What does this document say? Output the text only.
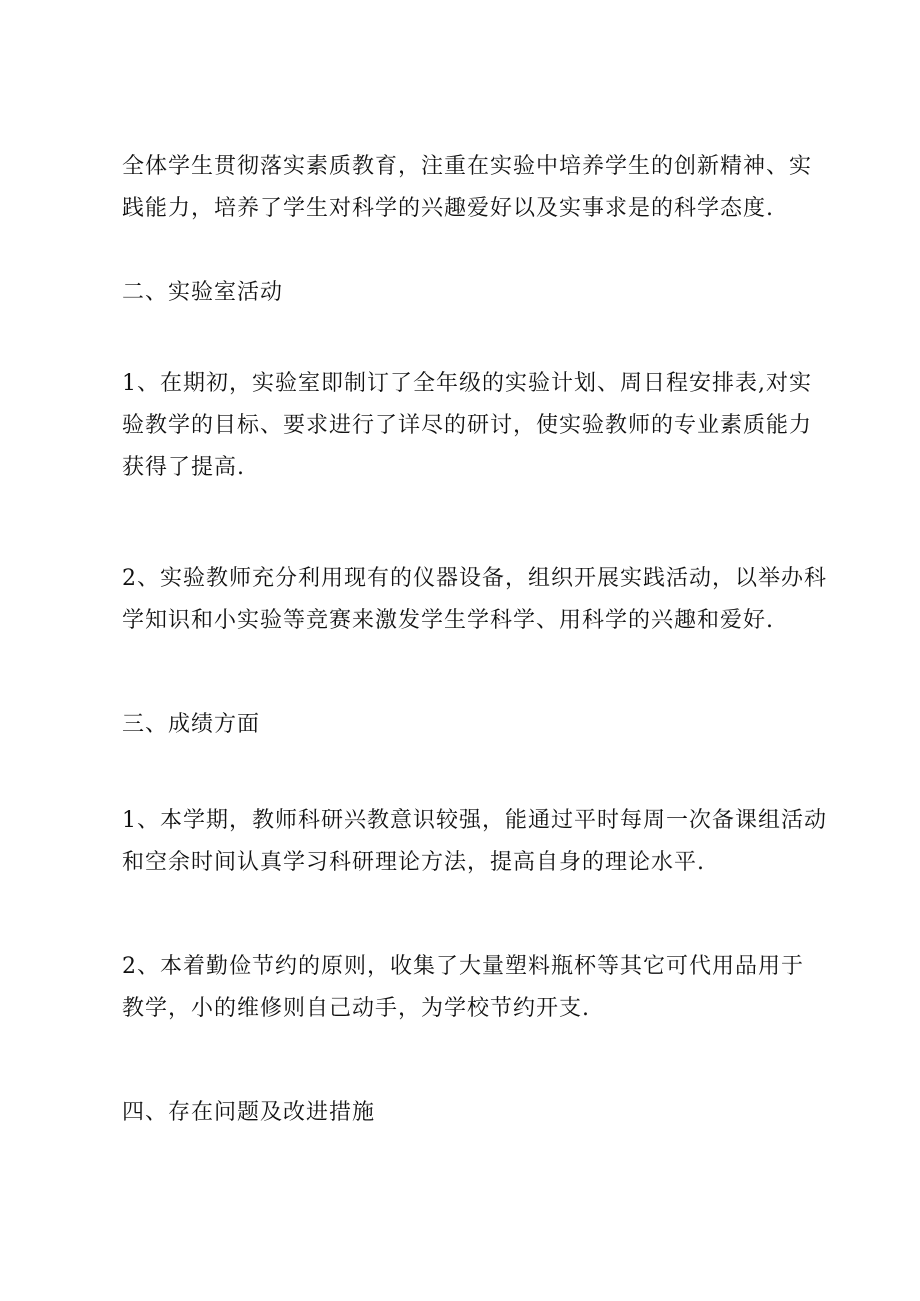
全体学生贯彻落实素质教育，注重在实验中培养学生的创新精神、实
践能力，培养了学生对科学的兴趣爱好以及实事求是的科学态度.

二、实验室活动

1、在期初，实验室即制订了全年级的实验计划、周日程安排表,对实
验教学的目标、要求进行了详尽的研讨，使实验教师的专业素质能力
获得了提高.

2、实验教师充分利用现有的仪器设备，组织开展实践活动，以举办科
学知识和小实验等竞赛来激发学生学科学、用科学的兴趣和爱好.

三、成绩方面

1、本学期，教师科研兴教意识较强，能通过平时每周一次备课组活动
和空余时间认真学习科研理论方法，提高自身的理论水平.

2、本着勤俭节约的原则，收集了大量塑料瓶杯等其它可代用品用于
教学，小的维修则自己动手，为学校节约开支.

四、存在问题及改进措施
